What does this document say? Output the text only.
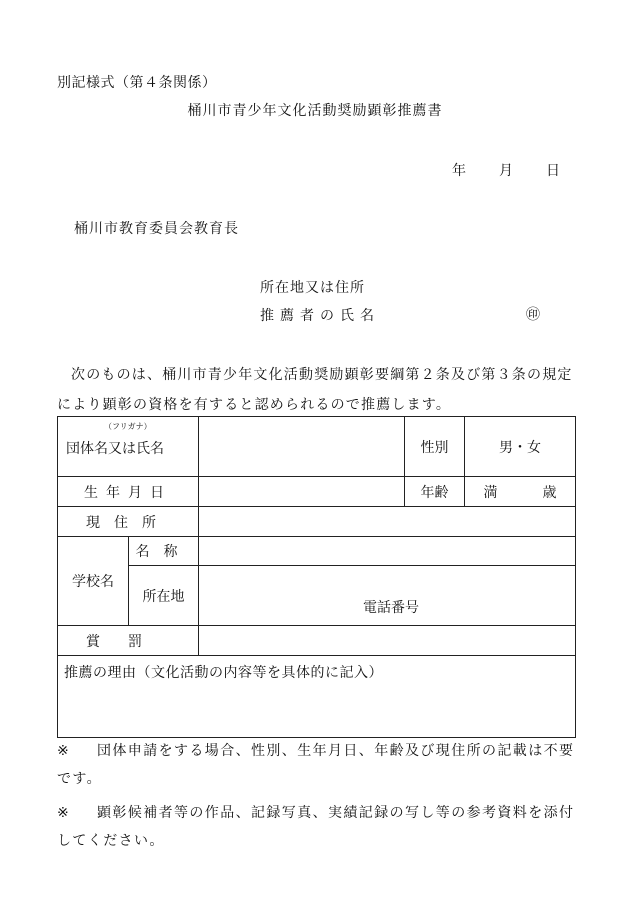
別記様式（第４条関係）
桶川市青少年文化活動奨励顕彰推薦書
年 月 日
桶川市教育委員会教育長
所在地又は住所
推薦者の氏名	㊞
次のものは、桶川市青少年文化活動奨励顕彰要綱第２条及び第３条の規定により顕彰の資格を有すると認められるので推薦します。
（フリガナ）
団体名又は氏名			性別	男・女
生年月日			年齢	満 歳
現住所				
学校名	名称			
	所在地	電話番号		

賞罰				
推薦の理由（文化活動の内容等を具体的に記入）				
※ 団体申請をする場合、性別、生年月日、年齢及び現住所の記載は不要です。
※ 顕彰候補者等の作品、記録写真、実績記録の写し等の参考資料を添付してください。
